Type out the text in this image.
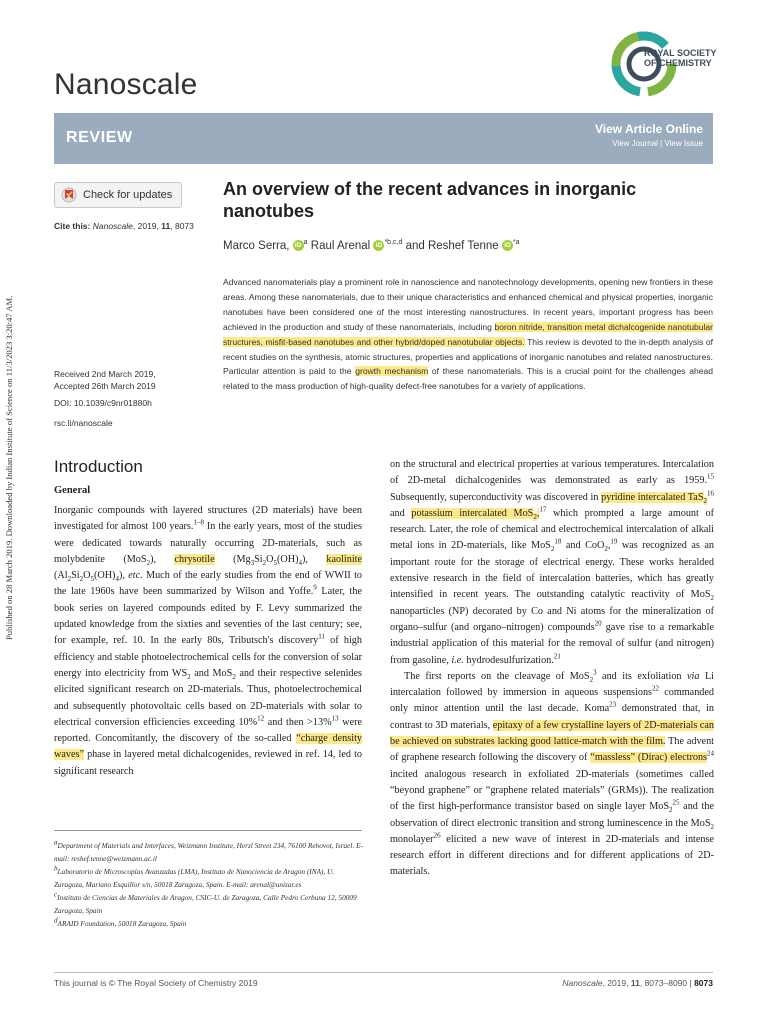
Published on 28 March 2019. Downloaded by Indian Institute of Science on 11/3/2023 3:20:47 AM.
Nanoscale
ROYAL SOCIETY
OF CHEMISTRY
REVIEW	View Article Online
View Journal | View Issue
Check for updates
Cite this: Nanoscale, 2019, 11, 8073
An overview of the recent advances in inorganic nanotubes
Marco Serra, iD $^a$ Raul Arenal iD $^{*b,c,d}$ and Reshef Tenne iD $^{*a}$
Advanced nanomaterials play a prominent role in nanoscience and nanotechnology developments, opening new frontiers in these areas. Among these nanomaterials, due to their unique characteristics and enhanced chemical and physical properties, inorganic nanotubes have been considered one of the most interesting nanostructures. In recent years, important progress has been achieved in the production and study of these nanomaterials, including boron nitride, transition metal dichalcogenide nanotubular structures, misfit-based nanotubes and other hybrid/doped nanotubular objects. This review is devoted to the in-depth analysis of recent studies on the synthesis, atomic structures, properties and applications of inorganic nanotubes and related nanostructures. Particular attention is paid to the growth mechanism of these nanomaterials. This is a crucial point for the challenges ahead related to the mass production of high-quality defect-free nanotubes for a variety of applications.
Received 2nd March 2019,
Accepted 26th March 2019
DOI: 10.1039/c9nr01880h
rsc.li/nanoscale
Introduction
General

Inorganic compounds with layered structures (2D materials) have been investigated for almost 100 years.$^{1-8}$ In the early years, most of the studies were dedicated towards naturally occurring 2D-materials, such as molybdenite (MoS$_2$), chrysotile $(Mg_3Si_2O_5(OH)_4)$, kaolinite $(Al_2Si_2O_5(OH)_4)$, etc. Much of the early studies from the end of WWII to the late 1960s have been summarized by Wilson and Yoffe.$^9$ Later, the book series on layered compounds edited by F. Levy summarized the updated knowledge from the sixties and seventies of the last century; see, for example, ref. 10. In the early 80s, Tributsch's discovery$^{11}$ of high efficiency and stable photoelectrochemical cells for the conversion of solar energy into electricity from $WS_2$ and MoS$_2$ and their respective selenides elicited significant research on 2D-materials. Thus, photoelectrochemical and subsequently photovoltaic cells based on 2D-materials with solar to electrical conversion efficiencies exceeding 10%$^{12}$ and then >13%$^{13}$ were reported. Concomitantly, the discovery of the so-called “charge density waves” phase in layered metal dichalcogenides, reviewed in ref. 14, led to significant research

$^a$Department of Materials and Interfaces, Weizmann Institute, Herzl Street 234, 76100 Rehovot, Israel. E-mail: reshef.tenne@weizmann.ac.il

$^b$Laboratorio de Microscopías Avanzadas (LMA), Instituto de Nanociencia de Aragon (INA), U. Zaragoza, Mariano Esquillor s/n, 50018 Zaragoza, Spain. E-mail: arenal@unizar.es

$^c$Instituto de Ciencias de Materiales de Aragon, CSIC-U. de Zaragoza, Calle Pedro Cerbuna 12, 50009 Zaragoza, Spain

$^d$ARAID Foundation, 50018 Zaragoza, Spain

on the structural and electrical properties at various temperatures. Intercalation of 2D-metal dichalcogenides was demonstrated as early as 1959.15 Subsequently, superconductivity was discovered in pyridine intercalated TaS$_2^{16}$ and potassium intercalated MoS$_2$,$^{17}$ which prompted a large amount of research. Later, the role of chemical and electrochemical intercalation of alkali metal ions in 2D-materials, like MoS$_2^{18}$ and CoO$_2$,$^{19}$ was recognized as an important route for the storage of electrical energy. These works heralded extensive research in the field of intercalation batteries, which has greatly intensified in recent years. The outstanding catalytic reactivity of MoS$_2$ nanoparticles (NP) decorated by Co and Ni atoms for the mineralization of organo–sulfur (and organo–nitrogen) compounds$^{20}$ gave rise to a remarkable industrial application of this material for the removal of sulfur (and nitrogen) from gasoline, i.e. hydrodesulfurization.$^{21}$

The first reports on the cleavage of MoS$_2^3$ and its exfoliation via Li intercalation followed by immersion in aqueous suspensions$^{22}$ commanded only minor attention until the last decade. Koma$^{23}$ demonstrated that, in contrast to 3D materials, epitaxy of a few crystalline layers of 2D-materials can be achieved on substrates lacking good lattice-match with the film. The advent of graphene research following the discovery of “massless” (Dirac) electrons$^{24}$ incited analogous research in exfoliated 2D-materials (sometimes called “beyond graphene” or “graphene related materials” (GRMs)). The realization of the first high-performance transistor based on single layer MoS$_2^{25}$ and the observation of direct electronic transition and strong luminescence in the MoS$_2$ monolayer$^{26}$ elicited a new wave of interest in 2D-materials and intense research effort in different directions and for different applications of 2D-materials.

This journal is © The Royal Society of Chemistry 2019	Nanoscale, 2019, 11, 8073–8090 | 8073
